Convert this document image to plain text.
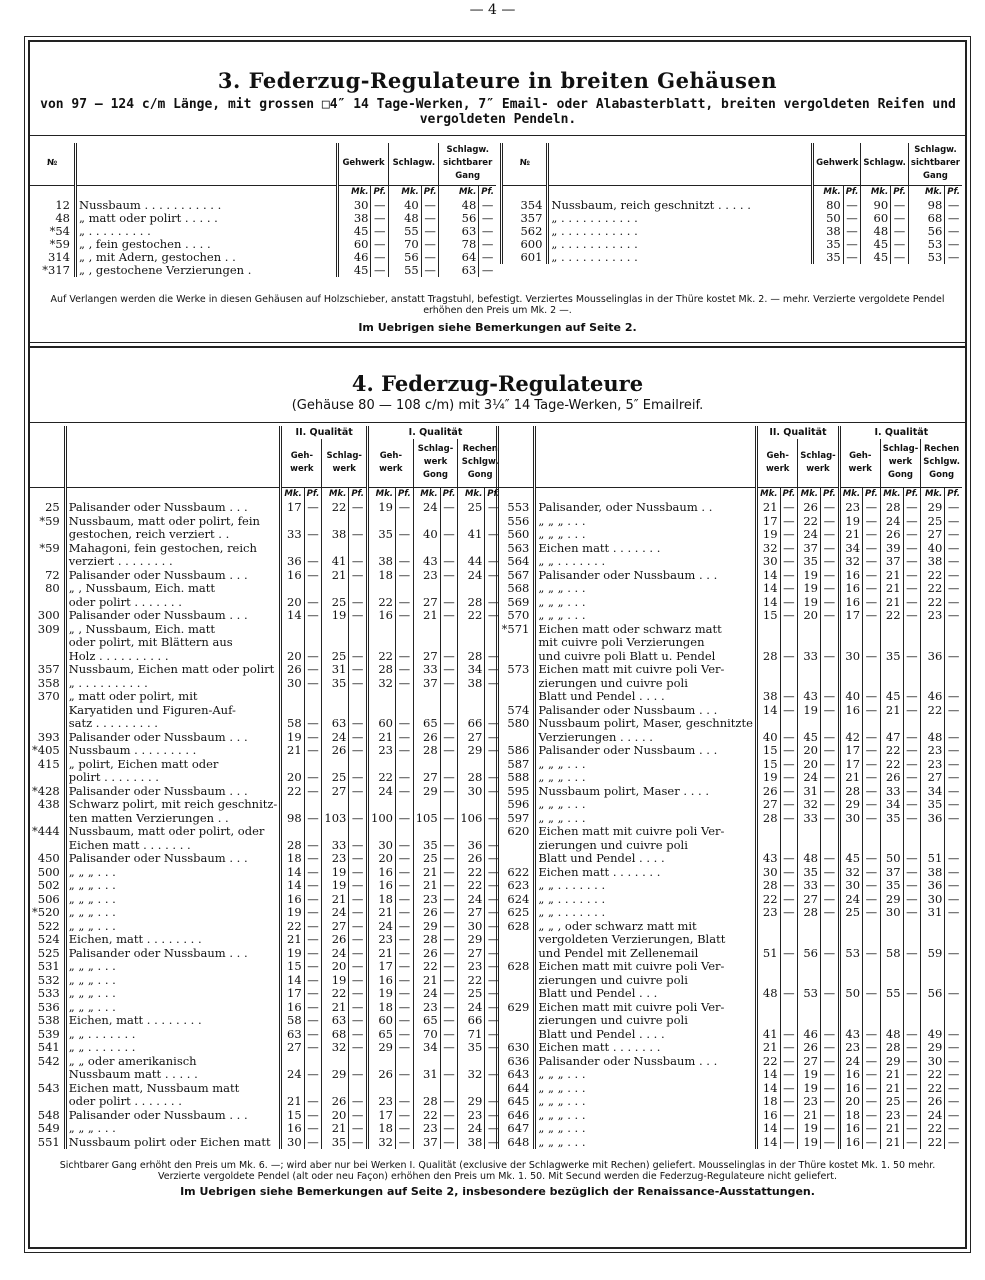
— 4 —
3. Federzug-Regulateure in breiten Gehäusen
von 97 — 124 c/m Länge, mit grossen □4″ 14 Tage-Werken, 7″ Email- oder Alabasterblatt, breiten vergoldeten Reifen und vergoldeten Pendeln.
№		Gehwerk		Schlagw.		Schlagw. sichtbarer Gang	
		Mk.	Pf.	Mk.	Pf.	Mk.	Pf.
12	Nussbaum . . . . . . . . . . .	30	—	40	—	48	—
48	„ matt oder polirt . . . . .	38	—	48	—	56	—
*54	„ . . . . . . . . .	45	—	55	—	63	—
*59	„ , fein gestochen . . . .	60	—	70	—	78	—
314	„ , mit Adern, gestochen . .	46	—	56	—	64	—
*317	„ , gestochene Verzierungen .	45	—	55	—	63	—
№		Gehwerk		Schlagw.		Schlagw. sichtbarer Gang	
		Mk.	Pf.	Mk.	Pf.	Mk.	Pf.
354	Nussbaum, reich geschnitzt . . . . .	80	—	90	—	98	—
357	„ . . . . . . . . . . .	50	—	60	—	68	—
562	„ . . . . . . . . . . .	38	—	48	—	56	—
600	„ . . . . . . . . . . .	35	—	45	—	53	—
601	„ . . . . . . . . . . .	35	—	45	—	53	—
Auf Verlangen werden die Werke in diesen Gehäusen auf Holzschieber, anstatt Tragstuhl, befestigt. Verziertes Mousselinglas in der Thüre kostet Mk. 2. — mehr. Verzierte vergoldete Pendel erhöhen den Preis um Mk. 2 —.
Im Uebrigen siehe Bemerkungen auf Seite 2.
4. Federzug-Regulateure
(Gehäuse 80 — 108 c/m) mit 3¼″ 14 Tage-Werken, 5″ Emailreif.
		II. Qualität				I. Qualität					
		Geh-werk		Schlag-werk		Geh-werk		Schlag-werk Gong		Rechen Schlgw. Gong	
		Mk.	Pf.	Mk.	Pf.	Mk.	Pf.	Mk.	Pf.	Mk.	Pf.
25	Palisander oder Nussbaum . . .	17	—	22	—	19	—	24	—	25	—
*59	Nussbaum, matt oder polirt, fein										
	gestochen, reich verziert . .	33	—	38	—	35	—	40	—	41	—
*59	Mahagoni, fein gestochen, reich										
	verziert . . . . . . . .	36	—	41	—	38	—	43	—	44	—
72	Palisander oder Nussbaum . . .	16	—	21	—	18	—	23	—	24	—
80	„ , Nussbaum, Eich. matt										
	oder polirt . . . . . . .	20	—	25	—	22	—	27	—	28	—
300	Palisander oder Nussbaum . . .	14	—	19	—	16	—	21	—	22	—
309	„ , Nussbaum, Eich. matt										
	oder polirt, mit Blättern aus										
	Holz . . . . . . . . . .	20	—	25	—	22	—	27	—	28	—
357	Nussbaum, Eichen matt oder polirt	26	—	31	—	28	—	33	—	34	—
358	„ . . . . . . . . . .	30	—	35	—	32	—	37	—	38	—
370	„ matt oder polirt, mit										
	Karyatiden und Figuren-Auf-										
	satz . . . . . . . . .	58	—	63	—	60	—	65	—	66	—
393	Palisander oder Nussbaum . . .	19	—	24	—	21	—	26	—	27	—
*405	Nussbaum . . . . . . . . .	21	—	26	—	23	—	28	—	29	—
415	„ polirt, Eichen matt oder										
	polirt . . . . . . . .	20	—	25	—	22	—	27	—	28	—
*428	Palisander oder Nussbaum . . .	22	—	27	—	24	—	29	—	30	—
438	Schwarz polirt, mit reich geschnitz-										
	ten matten Verzierungen . .	98	—	103	—	100	—	105	—	106	—
*444	Nussbaum, matt oder polirt, oder										
	Eichen matt . . . . . . .	28	—	33	—	30	—	35	—	36	—
450	Palisander oder Nussbaum . . .	18	—	23	—	20	—	25	—	26	—
500	„ „ „ . . .	14	—	19	—	16	—	21	—	22	—
502	„ „ „ . . .	14	—	19	—	16	—	21	—	22	—
506	„ „ „ . . .	16	—	21	—	18	—	23	—	24	—
*520	„ „ „ . . .	19	—	24	—	21	—	26	—	27	—
522	„ „ „ . . .	22	—	27	—	24	—	29	—	30	—
524	Eichen, matt . . . . . . . .	21	—	26	—	23	—	28	—	29	—
525	Palisander oder Nussbaum . . .	19	—	24	—	21	—	26	—	27	—
531	„ „ „ . . .	15	—	20	—	17	—	22	—	23	—
532	„ „ „ . . .	14	—	19	—	16	—	21	—	22	—
533	„ „ „ . . .	17	—	22	—	19	—	24	—	25	—
536	„ „ „ . . .	16	—	21	—	18	—	23	—	24	—
538	Eichen, matt . . . . . . . .	58	—	63	—	60	—	65	—	66	—
539	„ „ . . . . . . .	63	—	68	—	65	—	70	—	71	—
541	„ „ . . . . . . .	27	—	32	—	29	—	34	—	35	—
542	„ „ oder amerikanisch										
	Nussbaum matt . . . . .	24	—	29	—	26	—	31	—	32	—
543	Eichen matt, Nussbaum matt										
	oder polirt . . . . . . .	21	—	26	—	23	—	28	—	29	—
548	Palisander oder Nussbaum . . .	15	—	20	—	17	—	22	—	23	—
549	„ „ „ . . .	16	—	21	—	18	—	23	—	24	—
551	Nussbaum polirt oder Eichen matt	30	—	35	—	32	—	37	—	38	—
		II. Qualität				I. Qualität					
		Geh-werk		Schlag-werk		Geh-werk		Schlag-werk Gong		Rechen Schlgw. Gong	
		Mk.	Pf.	Mk.	Pf.	Mk.	Pf.	Mk.	Pf.	Mk.	Pf.
553	Palisander, oder Nussbaum . .	21	—	26	—	23	—	28	—	29	—
556	„ „ „ . . .	17	—	22	—	19	—	24	—	25	—
560	„ „ „ . . .	19	—	24	—	21	—	26	—	27	—
563	Eichen matt . . . . . . .	32	—	37	—	34	—	39	—	40	—
564	„ „ . . . . . . .	30	—	35	—	32	—	37	—	38	—
567	Palisander oder Nussbaum . . .	14	—	19	—	16	—	21	—	22	—
568	„ „ „ . . .	14	—	19	—	16	—	21	—	22	—
569	„ „ „ . . .	14	—	19	—	16	—	21	—	22	—
570	„ „ „ . . .	15	—	20	—	17	—	22	—	23	—
*571	Eichen matt oder schwarz matt										
	mit cuivre poli Verzierungen										
	und cuivre poli Blatt u. Pendel	28	—	33	—	30	—	35	—	36	—
573	Eichen matt mit cuivre poli Ver-										
	zierungen und cuivre poli										
	Blatt und Pendel . . . .	38	—	43	—	40	—	45	—	46	—
574	Palisander oder Nussbaum . . .	14	—	19	—	16	—	21	—	22	—
580	Nussbaum polirt, Maser, geschnitzte										
	Verzierungen . . . . .	40	—	45	—	42	—	47	—	48	—
586	Palisander oder Nussbaum . . .	15	—	20	—	17	—	22	—	23	—
587	„ „ „ . . .	15	—	20	—	17	—	22	—	23	—
588	„ „ „ . . .	19	—	24	—	21	—	26	—	27	—
595	Nussbaum polirt, Maser . . . .	26	—	31	—	28	—	33	—	34	—
596	„ „ „ . . .	27	—	32	—	29	—	34	—	35	—
597	„ „ „ . . .	28	—	33	—	30	—	35	—	36	—
620	Eichen matt mit cuivre poli Ver-										
	zierungen und cuivre poli										
	Blatt und Pendel . . . .	43	—	48	—	45	—	50	—	51	—
622	Eichen matt . . . . . . .	30	—	35	—	32	—	37	—	38	—
623	„ „ . . . . . . .	28	—	33	—	30	—	35	—	36	—
624	„ „ . . . . . . .	22	—	27	—	24	—	29	—	30	—
625	„ „ . . . . . . .	23	—	28	—	25	—	30	—	31	—
628	„ „ , oder schwarz matt mit										
	vergoldeten Verzierungen, Blatt										
	und Pendel mit Zellenemail	51	—	56	—	53	—	58	—	59	—
628	Eichen matt mit cuivre poli Ver-										
	zierungen und cuivre poli										
	Blatt und Pendel . . .	48	—	53	—	50	—	55	—	56	—
629	Eichen matt mit cuivre poli Ver-										
	zierungen und cuivre poli										
	Blatt und Pendel . . . .	41	—	46	—	43	—	48	—	49	—
630	Eichen matt . . . . . . .	21	—	26	—	23	—	28	—	29	—
636	Palisander oder Nussbaum . . .	22	—	27	—	24	—	29	—	30	—
643	„ „ „ . . .	14	—	19	—	16	—	21	—	22	—
644	„ „ „ . . .	14	—	19	—	16	—	21	—	22	—
645	„ „ „ . . .	18	—	23	—	20	—	25	—	26	—
646	„ „ „ . . .	16	—	21	—	18	—	23	—	24	—
647	„ „ „ . . .	14	—	19	—	16	—	21	—	22	—
648	„ „ „ . . .	14	—	19	—	16	—	21	—	22	—
Sichtbarer Gang erhöht den Preis um Mk. 6. —; wird aber nur bei Werken I. Qualität (exclusive der Schlagwerke mit Rechen) geliefert. Mousselinglas in der Thüre kostet Mk. 1. 50 mehr. Verzierte vergoldete Pendel (alt oder neu Façon) erhöhen den Preis um Mk. 1. 50. Mit Secund werden die Federzug-Regulateure nicht geliefert.
Im Uebrigen siehe Bemerkungen auf Seite 2, insbesondere bezüglich der Renaissance-Ausstattungen.
